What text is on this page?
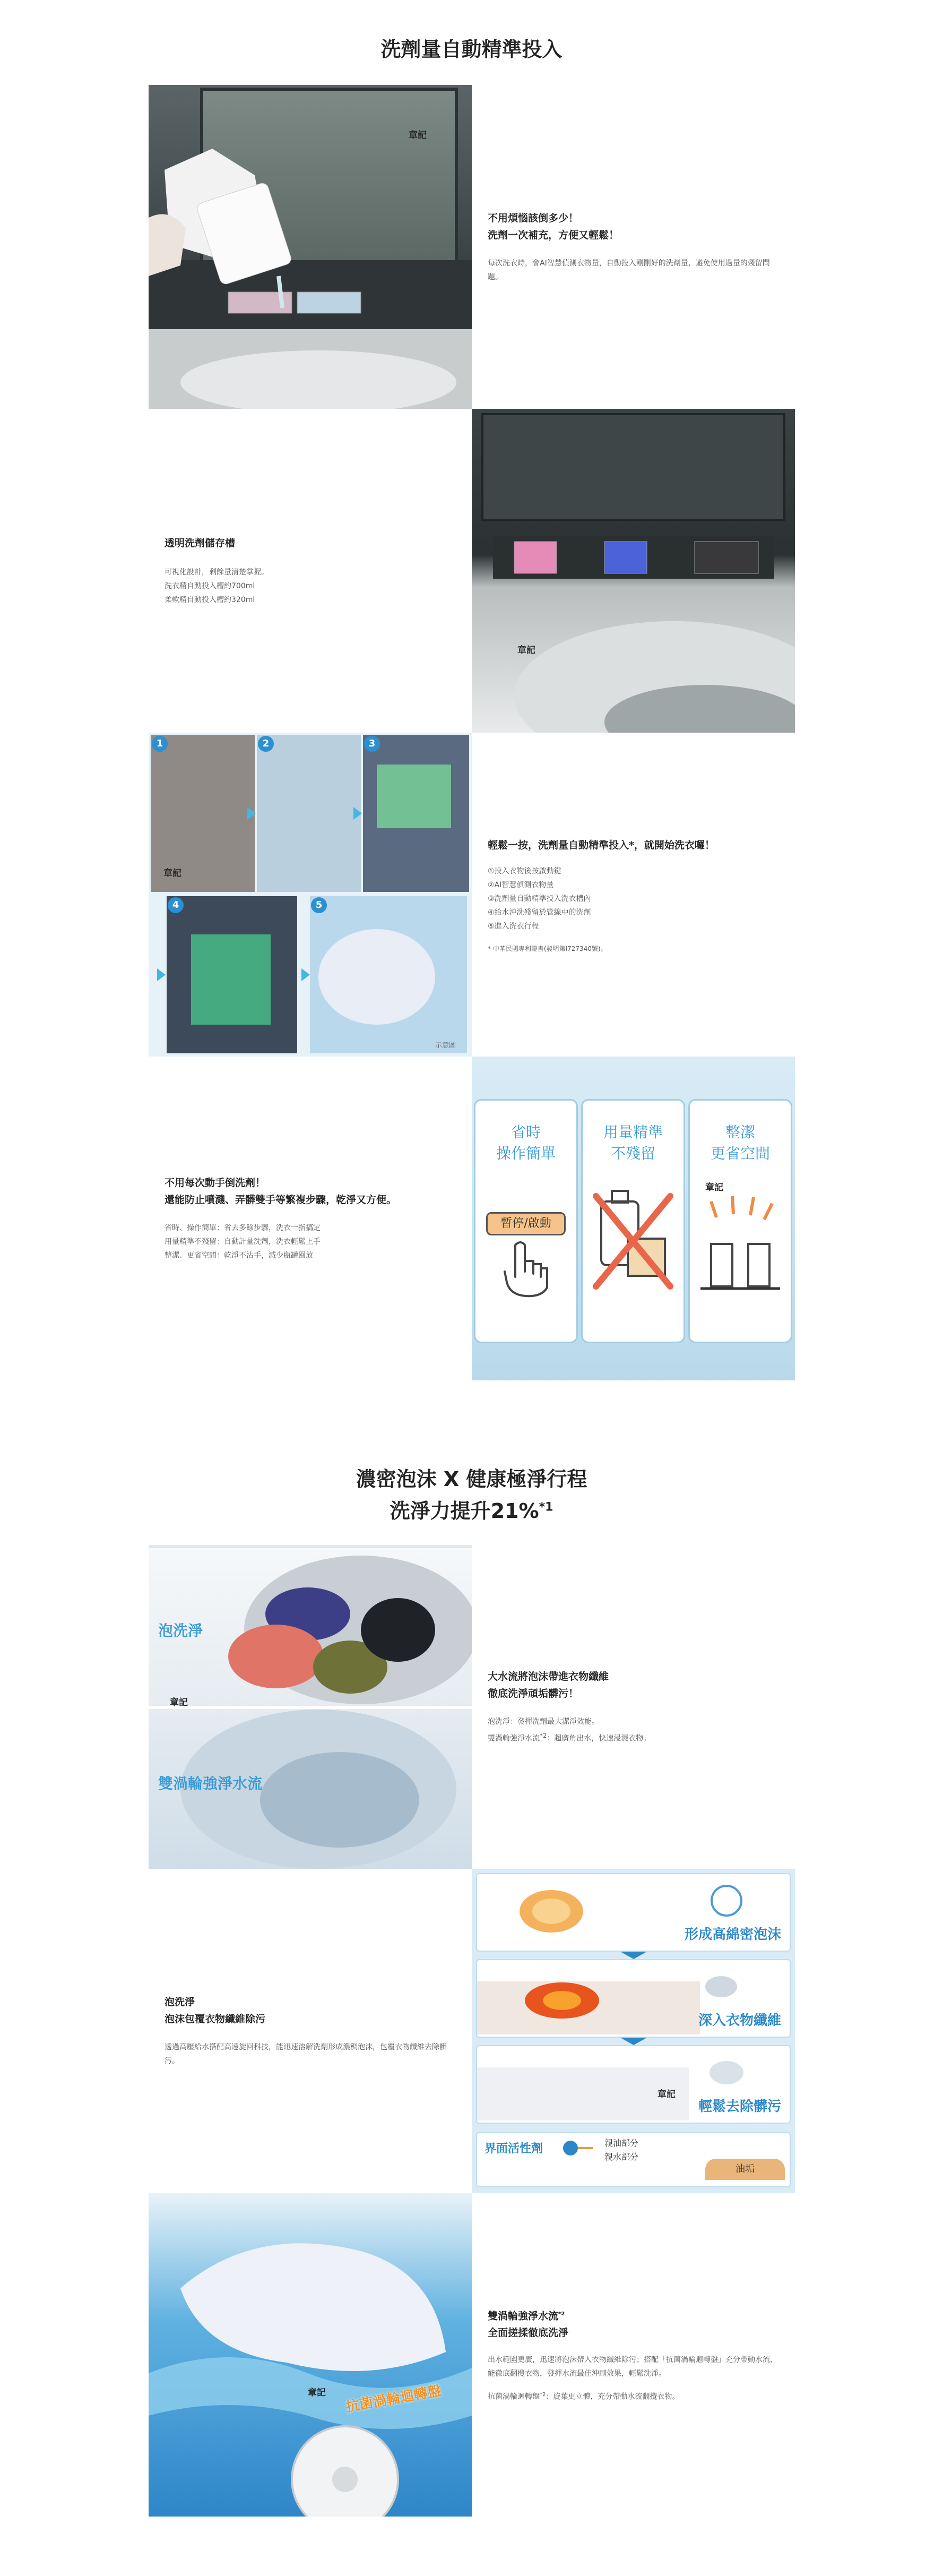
洗劑量自動精準投入
章記
不用煩惱該倒多少！
洗劑一次補充，方便又輕鬆！
每次洗衣時，會AI智慧偵測衣物量，自動投入剛剛好的洗劑量，避免使用過量的殘留問題。
透明洗劑儲存槽
可視化設計，剩餘量清楚掌握。
洗衣精自動投入槽約700ml
柔軟精自動投入槽約320ml
章記
1	2	3
4	5
章記
示意圖
輕鬆一按，洗劑量自動精準投入*，就開始洗衣囉！
①投入衣物後按啟動鍵
②AI智慧偵測衣物量
③洗劑量自動精準投入洗衣槽內
④給水沖洗殘留於管線中的洗劑
⑤進入洗衣行程
* 中華民國專利證書(發明第I727340號)。
不用每次動手倒洗劑！
還能防止噴濺、弄髒雙手等繁複步驟，乾淨又方便。
省時、操作簡單：省去多餘步驟，洗衣一指搞定
用量精準不殘留：自動計量洗劑，洗衣輕鬆上手
整潔、更省空間：乾淨不沾手，減少瓶罐囤放
省時
操作簡單
暫停/啟動
用量精準
不殘留
整潔
更省空間
章記
濃密泡沫 X 健康極淨行程
洗淨力提升21%$^{*1}$
泡洗淨
雙渦輪強淨水流
章記
大水流將泡沫帶進衣物纖維
徹底洗淨頑垢髒污！
泡洗淨：發揮洗劑最大潔淨效能。
雙渦輪強淨水流$^{*2}$：超廣角出水，快速浸濕衣物。
泡洗淨
泡沫包覆衣物纖維除污
透過高壓給水搭配高速旋回科技，能迅速溶解洗劑形成濃稠泡沫，包覆衣物纖維去除髒污。
形成高綿密泡沫
深入衣物纖維
輕鬆去除髒污
界面活性劑	親油部分
親水部分
油垢
章記
抗菌渦輪迴轉盤
章記
雙渦輪強淨水流$^{*2}$
全面搓揉徹底洗淨
出水範圍更廣，迅速將泡沫帶入衣物纖維除污；搭配「抗菌渦輪迴轉盤」充分帶動水流，能徹底翻攪衣物，發揮水流最佳沖刷效果，輕鬆洗淨。
抗菌渦輪迴轉盤$^{*2}$：旋葉更立體，充分帶動水流翻攪衣物。
